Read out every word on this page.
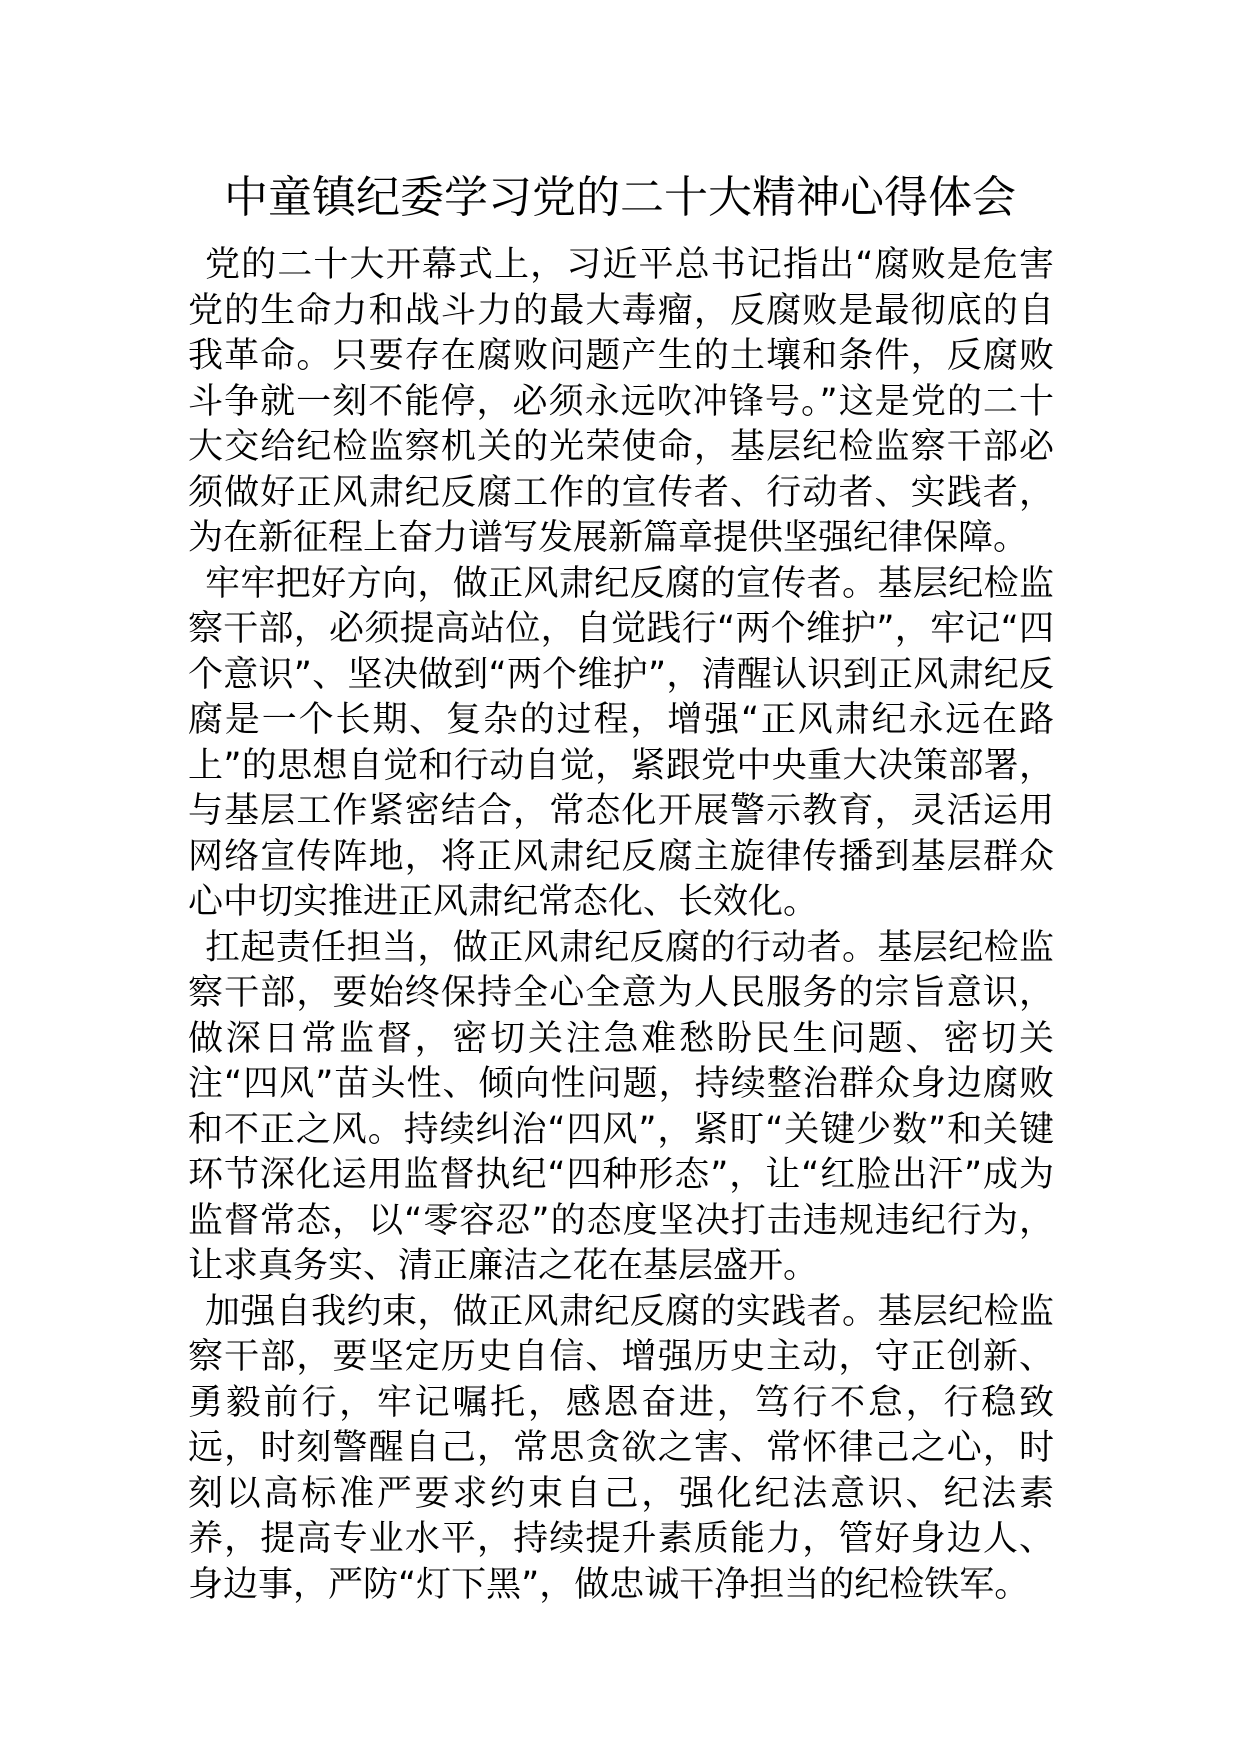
中童镇纪委学习党的二十大精神心得体会

党的二十大开幕式上，习近平总书记指出“腐败是危害党的生命力和战斗力的最大毒瘤，反腐败是最彻底的自我革命。只要存在腐败问题产生的土壤和条件，反腐败斗争就一刻不能停，必须永远吹冲锋号。”这是党的二十大交给纪检监察机关的光荣使命，基层纪检监察干部必须做好正风肃纪反腐工作的宣传者、行动者、实践者，为在新征程上奋力谱写发展新篇章提供坚强纪律保障。

牢牢把好方向，做正风肃纪反腐的宣传者。基层纪检监察干部，必须提高站位，自觉践行“两个维护”，牢记“四个意识”、坚决做到“两个维护”，清醒认识到正风肃纪反腐是一个长期、复杂的过程，增强“正风肃纪永远在路上”的思想自觉和行动自觉，紧跟党中央重大决策部署，与基层工作紧密结合，常态化开展警示教育，灵活运用网络宣传阵地，将正风肃纪反腐主旋律传播到基层群众心中切实推进正风肃纪常态化、长效化。

扛起责任担当，做正风肃纪反腐的行动者。基层纪检监察干部，要始终保持全心全意为人民服务的宗旨意识，做深日常监督，密切关注急难愁盼民生问题、密切关注“四风”苗头性、倾向性问题，持续整治群众身边腐败和不正之风。持续纠治“四风”，紧盯“关键少数”和关键环节深化运用监督执纪“四种形态”，让“红脸出汗”成为监督常态，以“零容忍”的态度坚决打击违规违纪行为，让求真务实、清正廉洁之花在基层盛开。

加强自我约束，做正风肃纪反腐的实践者。基层纪检监察干部，要坚定历史自信、增强历史主动，守正创新、勇毅前行，牢记嘱托，感恩奋进，笃行不怠，行稳致远，时刻警醒自己，常思贪欲之害、常怀律己之心，时刻以高标准严要求约束自己，强化纪法意识、纪法素养，提高专业水平，持续提升素质能力，管好身边人、身边事，严防“灯下黑”，做忠诚干净担当的纪检铁军。
